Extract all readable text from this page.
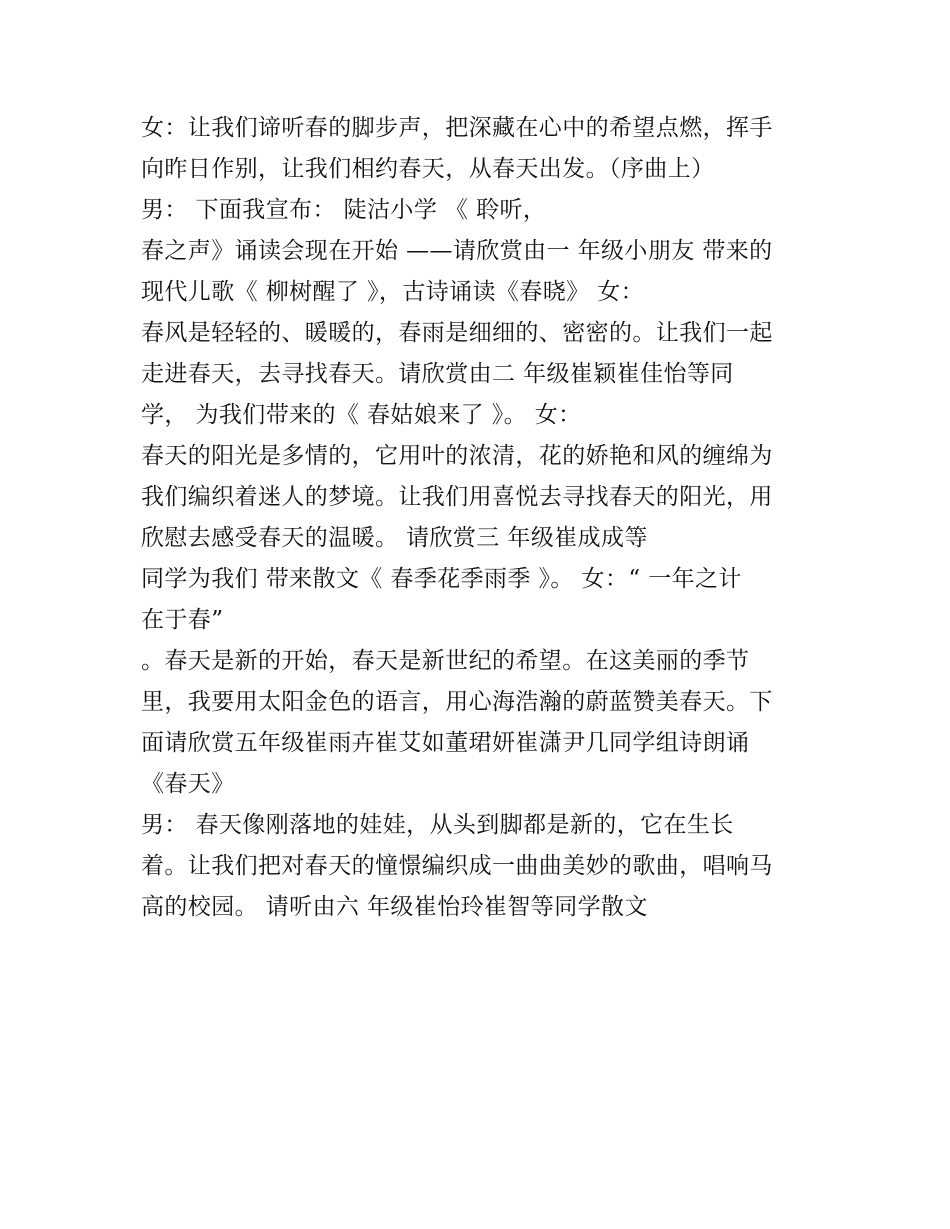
女：让我们谛听春的脚步声，把深藏在心中的希望点燃，挥手
向昨日作别，让我们相约春天，从春天出发。（序曲上）
男： 下面我宣布： 陡沽小学 《 聆听，
春之声》诵读会现在开始 ——请欣赏由一 年级小朋友 带来的
现代儿歌《 柳树醒了 》，古诗诵读《春晓》 女：
春风是轻轻的、暖暖的，春雨是细细的、密密的。让我们一起
走进春天，去寻找春天。请欣赏由二 年级崔颖崔佳怡等同
学， 为我们带来的《 春姑娘来了 》。 女：
春天的阳光是多情的，它用叶的浓清，花的娇艳和风的缠绵为
我们编织着迷人的梦境。让我们用喜悦去寻找春天的阳光，用
欣慰去感受春天的温暖。 请欣赏三 年级崔成成等
同学为我们 带来散文《 春季花季雨季 》。 女：“ 一年之计
在于春”
。春天是新的开始，春天是新世纪的希望。在这美丽的季节
里，我要用太阳金色的语言，用心海浩瀚的蔚蓝赞美春天。下
面请欣赏五年级崔雨卉崔艾如董珺妍崔潇尹几同学组诗朗诵
《春天》
男： 春天像刚落地的娃娃，从头到脚都是新的，它在生长
着。让我们把对春天的憧憬编织成一曲曲美妙的歌曲，唱响马
高的校园。 请听由六 年级崔怡玲崔智等同学散文
